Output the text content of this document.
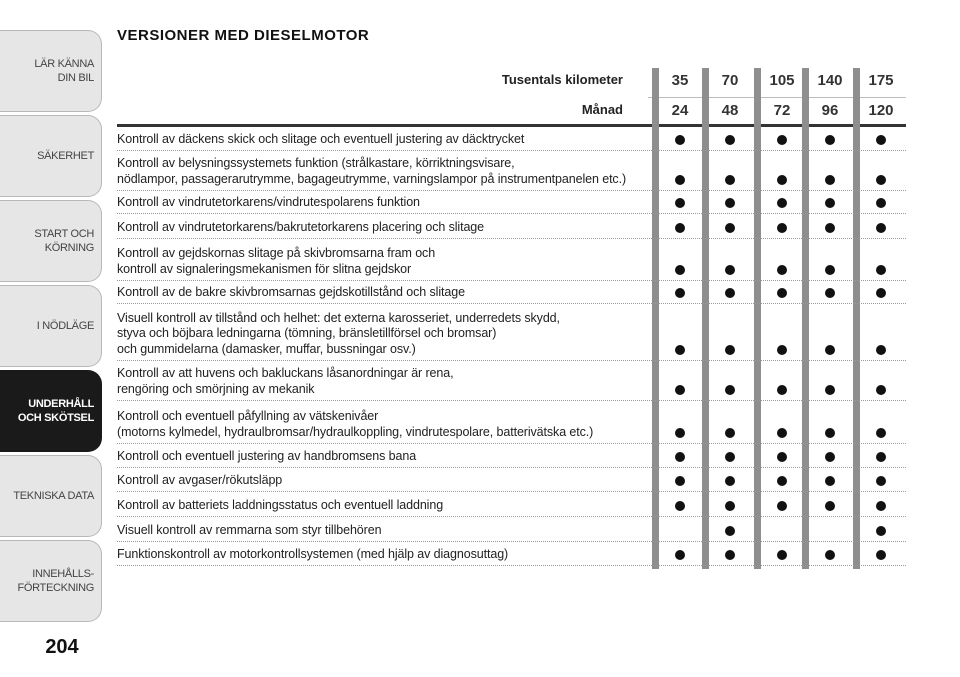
LÄR KÄNNA
DIN BIL
SÄKERHET
START OCH
KÖRNING
I NÖDLÄGE
UNDERHÅLL
OCH SKÖTSEL
TEKNISKA DATA
INNEHÅLLS-
FÖRTECKNING
204
VERSIONER MED DIESELMOTOR
Tusentals kilometer
Månad
35
24
70
48
105
72
140
96
175
120
Kontroll av däckens skick och slitage och eventuell justering av däcktrycket
Kontroll av belysningssystemets funktion (strålkastare, körriktningsvisare,
nödlampor, passagerarutrymme, bagageutrymme, varningslampor på instrumentpanelen etc.)
Kontroll av vindrutetorkarens/vindrutespolarens funktion
Kontroll av vindrutetorkarens/bakrutetorkarens placering och slitage
Kontroll av gejdskornas slitage på skivbromsarna fram och
kontroll av signaleringsmekanismen för slitna gejdskor
Kontroll av de bakre skivbromsarnas gejdskotillstånd och slitage
Visuell kontroll av tillstånd och helhet: det externa karosseriet, underredets skydd,
styva och böjbara ledningarna (tömning, bränsletillförsel och bromsar)
och gummidelarna (damasker, muffar, bussningar osv.)
Kontroll av att huvens och bakluckans låsanordningar är rena,
rengöring och smörjning av mekanik
Kontroll och eventuell påfyllning av vätskenivåer
(motorns kylmedel, hydraulbromsar/hydraulkoppling, vindrutespolare, batterivätska etc.)
Kontroll och eventuell justering av handbromsens bana
Kontroll av avgaser/rökutsläpp
Kontroll av batteriets laddningsstatus och eventuell laddning
Visuell kontroll av remmarna som styr tillbehören
Funktionskontroll av motorkontrollsystemen (med hjälp av diagnosuttag)
